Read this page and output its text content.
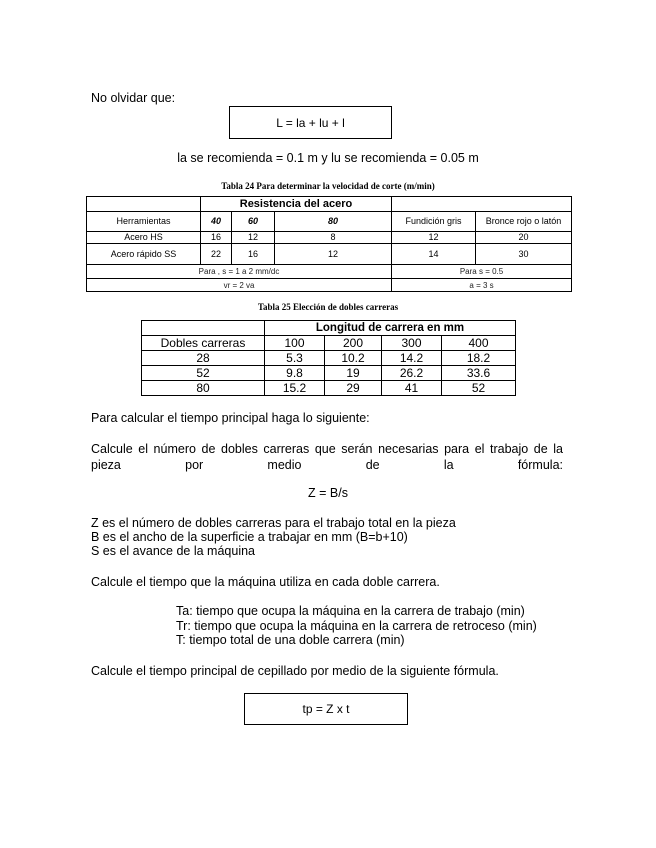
No olvidar que:
L = la + lu + l
la se recomienda = 0.1 m y lu se recomienda = 0.05 m
Tabla 24 Para determinar la velocidad de corte (m/min)
	Resistencia del acero				
Herramientas	40	60	80	Fundición gris	Bronce rojo o latón
Acero HS	16	12	8	12	20
Acero rápido SS	22	16	12	14	30
Para , s = 1 a 2 mm/dc				Para s = 0.5	
vr = 2 va				a = 3 s	
Tabla 25 Elección de dobles carreras
	Longitud de carrera en mm			
Dobles carreras	100	200	300	400
28	5.3	10.2	14.2	18.2
52	9.8	19	26.2	33.6
80	15.2	29	41	52
Para calcular el tiempo principal haga lo siguiente:
Calcule el número de dobles carreras que serán necesarias para el trabajo de la pieza por medio de la fórmula:
Z = B/s
Z es el número de dobles carreras para el trabajo total en la pieza
B es el ancho de la superficie a trabajar en mm (B=b+10)
S es el avance de la máquina
Calcule el tiempo que la máquina utiliza en cada doble carrera.
Ta: tiempo que ocupa la máquina en la carrera de trabajo (min)
Tr: tiempo que ocupa la máquina en la carrera de retroceso (min)
T: tiempo total de una doble carrera (min)
Calcule el tiempo principal de cepillado por medio de la siguiente fórmula.
tp = Z x t
